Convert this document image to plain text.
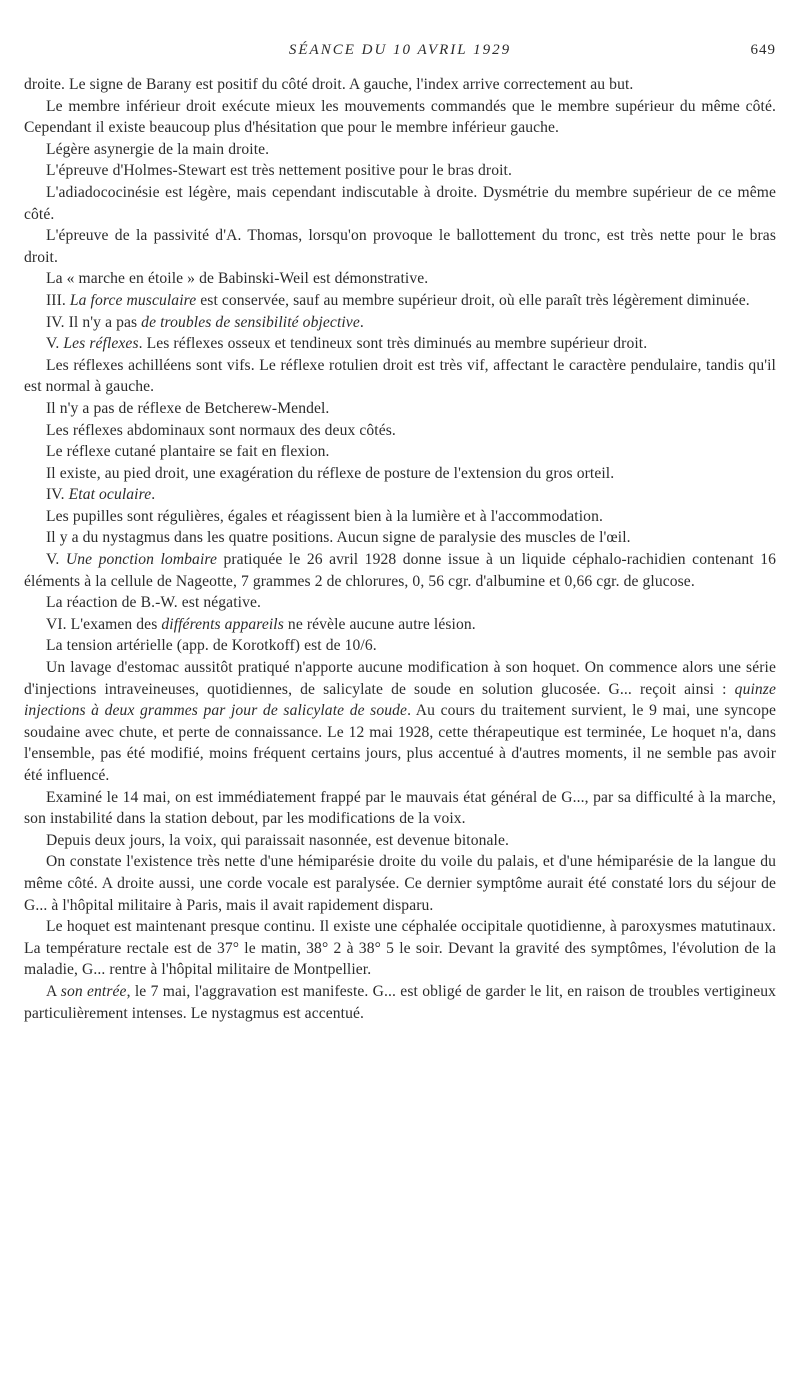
SÉANCE DU 10 AVRIL 1929	649

droite. Le signe de Barany est positif du côté droit. A gauche, l'index arrive correctement au but.

Le membre inférieur droit exécute mieux les mouvements commandés que le membre supérieur du même côté. Cependant il existe beaucoup plus d'hésitation que pour le membre inférieur gauche.

Légère asynergie de la main droite.

L'épreuve d'Holmes-Stewart est très nettement positive pour le bras droit.

L'adiadococinésie est légère, mais cependant indiscutable à droite. Dysmétrie du membre supérieur de ce même côté.

L'épreuve de la passivité d'A. Thomas, lorsqu'on provoque le ballottement du tronc, est très nette pour le bras droit.

La « marche en étoile » de Babinski-Weil est démonstrative.

III. La force musculaire est conservée, sauf au membre supérieur droit, où elle paraît très légèrement diminuée.

IV. Il n'y a pas de troubles de sensibilité objective.

V. Les réflexes. Les réflexes osseux et tendineux sont très diminués au membre supérieur droit.

Les réflexes achilléens sont vifs. Le réflexe rotulien droit est très vif, affectant le caractère pendulaire, tandis qu'il est normal à gauche.

Il n'y a pas de réflexe de Betcherew-Mendel.

Les réflexes abdominaux sont normaux des deux côtés.

Le réflexe cutané plantaire se fait en flexion.

Il existe, au pied droit, une exagération du réflexe de posture de l'extension du gros orteil.

IV. Etat oculaire.

Les pupilles sont régulières, égales et réagissent bien à la lumière et à l'accommodation.

Il y a du nystagmus dans les quatre positions. Aucun signe de paralysie des muscles de l'œil.

V. Une ponction lombaire pratiquée le 26 avril 1928 donne issue à un liquide céphalo-rachidien contenant 16 éléments à la cellule de Nageotte, 7 grammes 2 de chlorures, 0, 56 cgr. d'albumine et 0,66 cgr. de glucose.

La réaction de B.-W. est négative.

VI. L'examen des différents appareils ne révèle aucune autre lésion.

La tension artérielle (app. de Korotkoff) est de 10/6.

Un lavage d'estomac aussitôt pratiqué n'apporte aucune modification à son hoquet. On commence alors une série d'injections intraveineuses, quotidiennes, de salicylate de soude en solution glucosée. G... reçoit ainsi : quinze injections à deux grammes par jour de salicylate de soude. Au cours du traitement survient, le 9 mai, une syncope soudaine avec chute, et perte de connaissance. Le 12 mai 1928, cette thérapeutique est terminée, Le hoquet n'a, dans l'ensemble, pas été modifié, moins fréquent certains jours, plus accentué à d'autres moments, il ne semble pas avoir été influencé.

Examiné le 14 mai, on est immédiatement frappé par le mauvais état général de G..., par sa difficulté à la marche, son instabilité dans la station debout, par les modifications de la voix.

Depuis deux jours, la voix, qui paraissait nasonnée, est devenue bitonale.

On constate l'existence très nette d'une hémiparésie droite du voile du palais, et d'une hémiparésie de la langue du même côté. A droite aussi, une corde vocale est paralysée. Ce dernier symptôme aurait été constaté lors du séjour de G... à l'hôpital militaire à Paris, mais il avait rapidement disparu.

Le hoquet est maintenant presque continu. Il existe une céphalée occipitale quotidienne, à paroxysmes matutinaux. La température rectale est de 37° le matin, 38° 2 à 38° 5 le soir. Devant la gravité des symptômes, l'évolution de la maladie, G... rentre à l'hôpital militaire de Montpellier.

A son entrée, le 7 mai, l'aggravation est manifeste. G... est obligé de garder le lit, en raison de troubles vertigineux particulièrement intenses. Le nystagmus est accentué.
